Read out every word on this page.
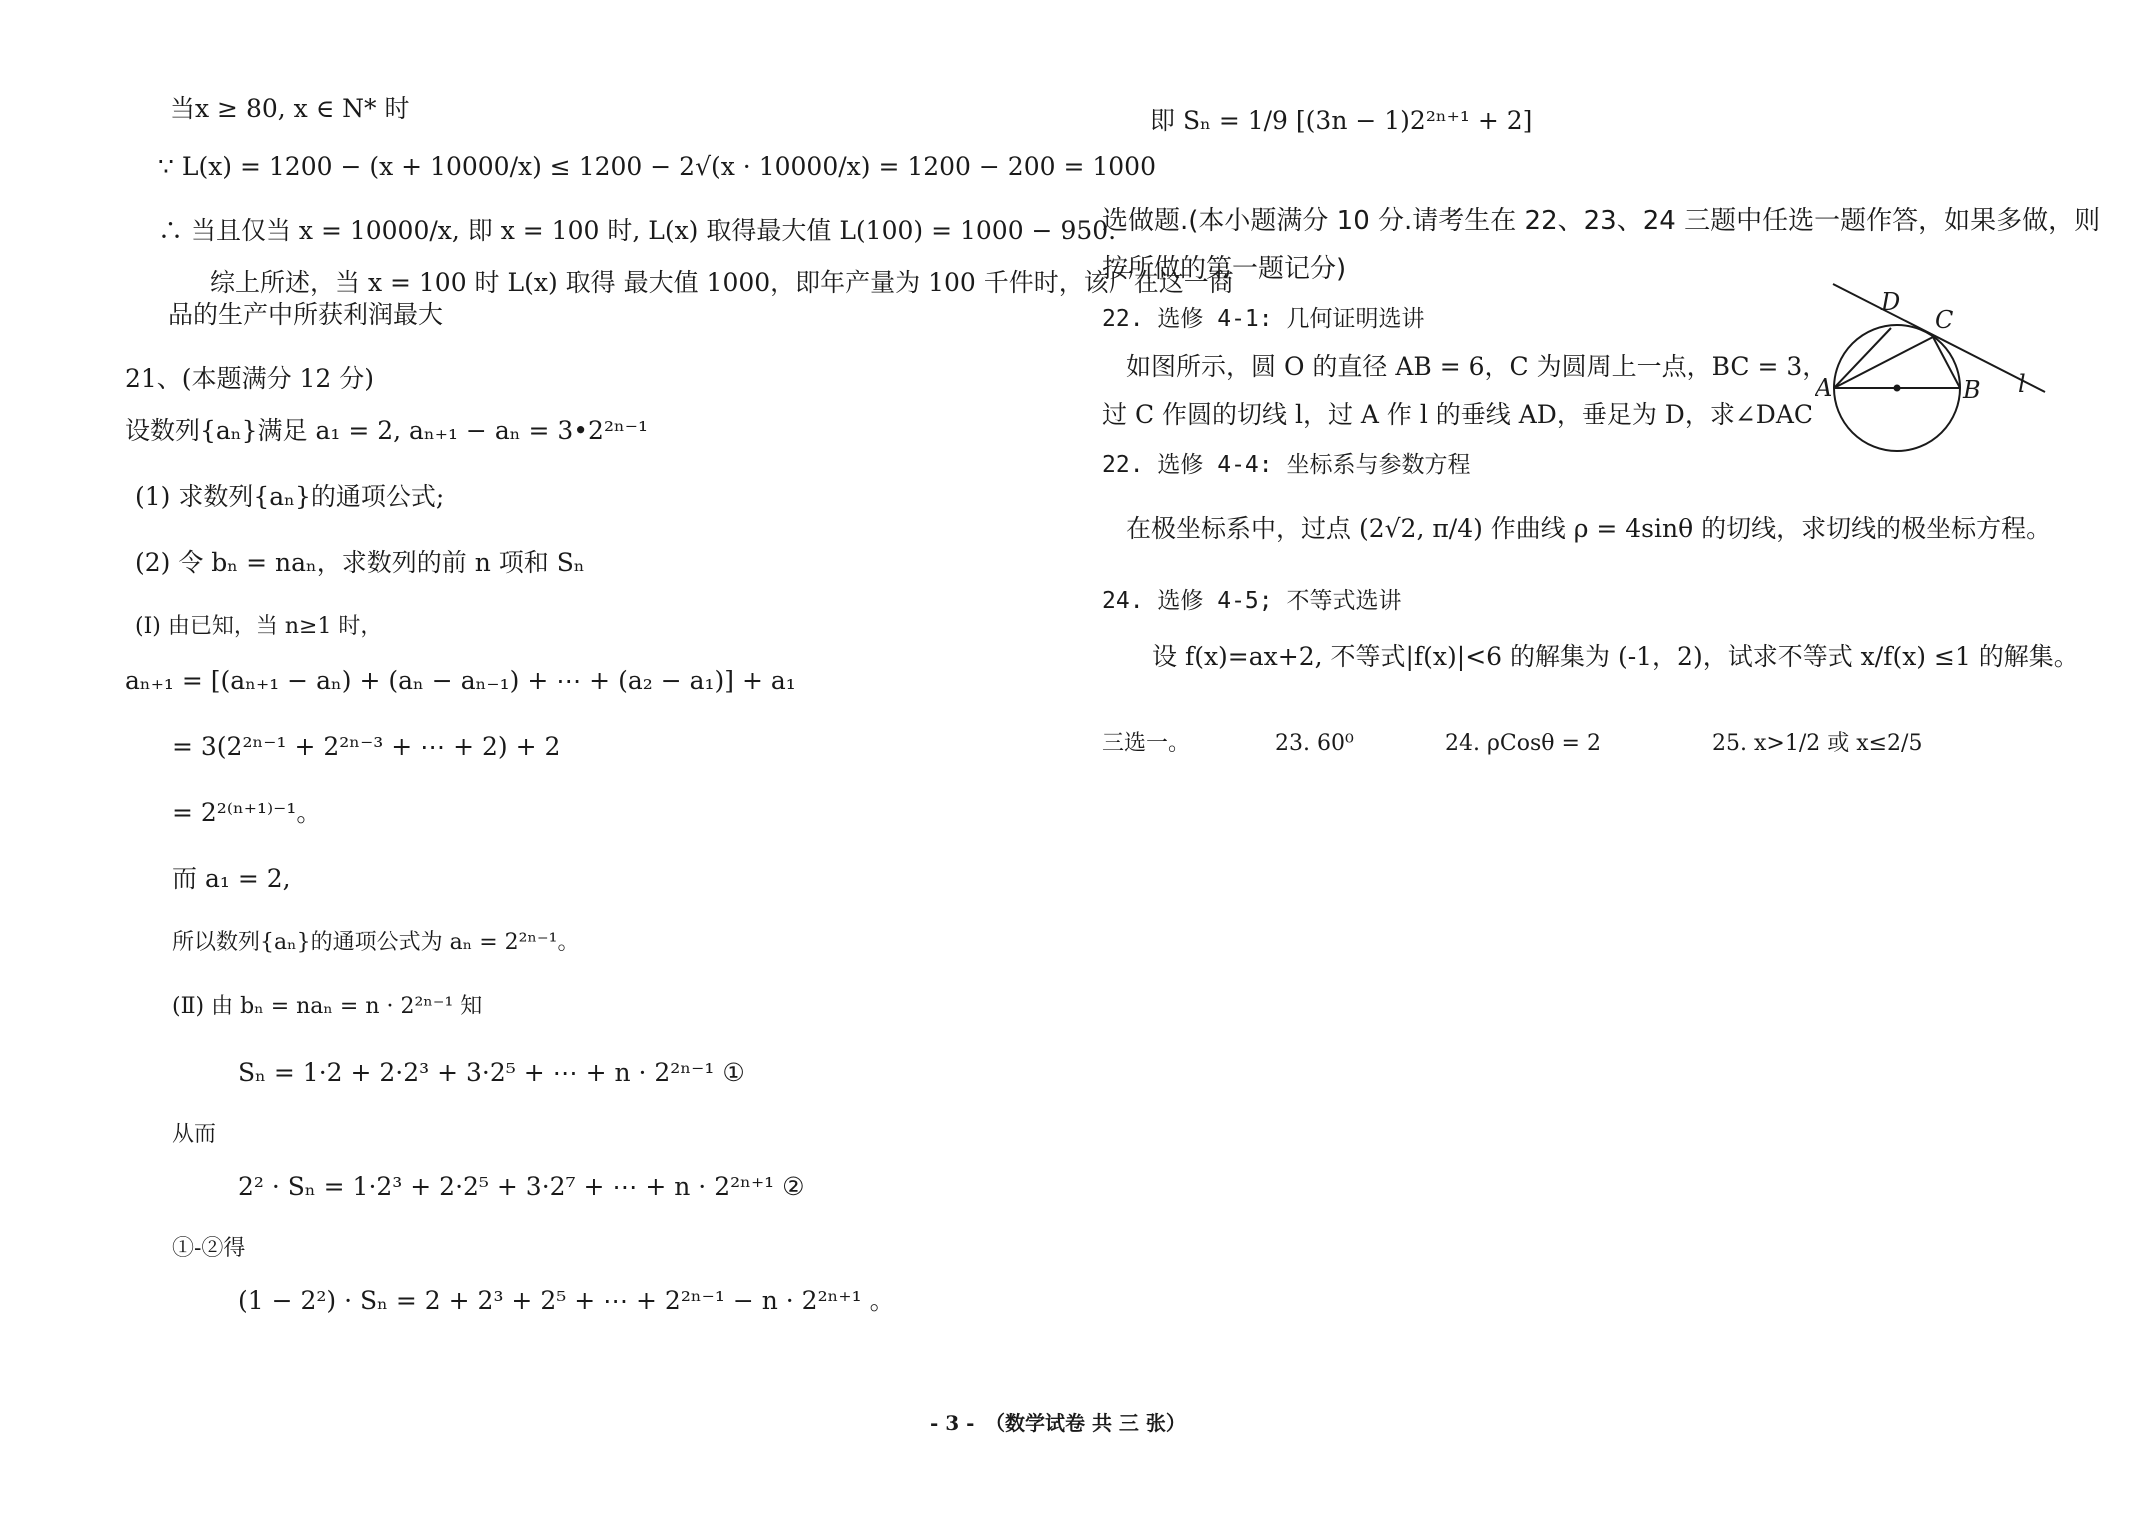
当x ≥ 80, x ∈ N* 时
∵ L(x) = 1200 − (x + 10000/x) ≤ 1200 − 2√(x · 10000/x) = 1200 − 200 = 1000
∴ 当且仅当 x = 10000/x, 即 x = 100 时, L(x) 取得最大值 L(100) = 1000 − 950.
综上所述，当 x = 100 时 L(x) 取得 最大值 1000，即年产量为 100 千件时，该厂在这一商
品的生产中所获利润最大
21、(本题满分 12 分)
设数列{aₙ}满足 a₁ = 2, aₙ₊₁ − aₙ = 3•2²ⁿ⁻¹
(1) 求数列{aₙ}的通项公式;
(2) 令 bₙ = naₙ，求数列的前 n 项和 Sₙ
(Ⅰ) 由已知，当 n≥1 时，
aₙ₊₁ = [(aₙ₊₁ − aₙ) + (aₙ − aₙ₋₁) + ⋯ + (a₂ − a₁)] + a₁
= 3(2²ⁿ⁻¹ + 2²ⁿ⁻³ + ⋯ + 2) + 2
= 2²⁽ⁿ⁺¹⁾⁻¹。
而 a₁ = 2,
所以数列{aₙ}的通项公式为 aₙ = 2²ⁿ⁻¹。
(Ⅱ) 由 bₙ = naₙ = n · 2²ⁿ⁻¹ 知
Sₙ = 1·2 + 2·2³ + 3·2⁵ + ⋯ + n · 2²ⁿ⁻¹ ①
从而
2² · Sₙ = 1·2³ + 2·2⁵ + 3·2⁷ + ⋯ + n · 2²ⁿ⁺¹ ②
①-②得
(1 − 2²) · Sₙ = 2 + 2³ + 2⁵ + ⋯ + 2²ⁿ⁻¹ − n · 2²ⁿ⁺¹ 。
即 Sₙ = 1/9 [(3n − 1)2²ⁿ⁺¹ + 2]
选做题.(本小题满分 10 分.请考生在 22、23、24 三题中任选一题作答，如果多做，则
按所做的第一题记分)
22. 选修 4-1: 几何证明选讲
如图所示，圆 O 的直径 AB = 6，C 为圆周上一点，BC = 3，
过 C 作圆的切线 l，过 A 作 l 的垂线 AD，垂足为 D，求∠DAC
D
C
A	B l
22. 选修 4-4: 坐标系与参数方程
在极坐标系中，过点 (2√2, π/4) 作曲线 ρ = 4sinθ 的切线，求切线的极坐标方程。
24. 选修 4-5; 不等式选讲
设 f(x)=ax+2, 不等式|f(x)|<6 的解集为 (-1，2)，试求不等式 x/f(x) ≤1 的解集。
三选一。	23. 60⁰	24. ρCosθ = 2	25. x>1/2 或 x≤2/5
- 3 - （数学试卷 共 三 张）
